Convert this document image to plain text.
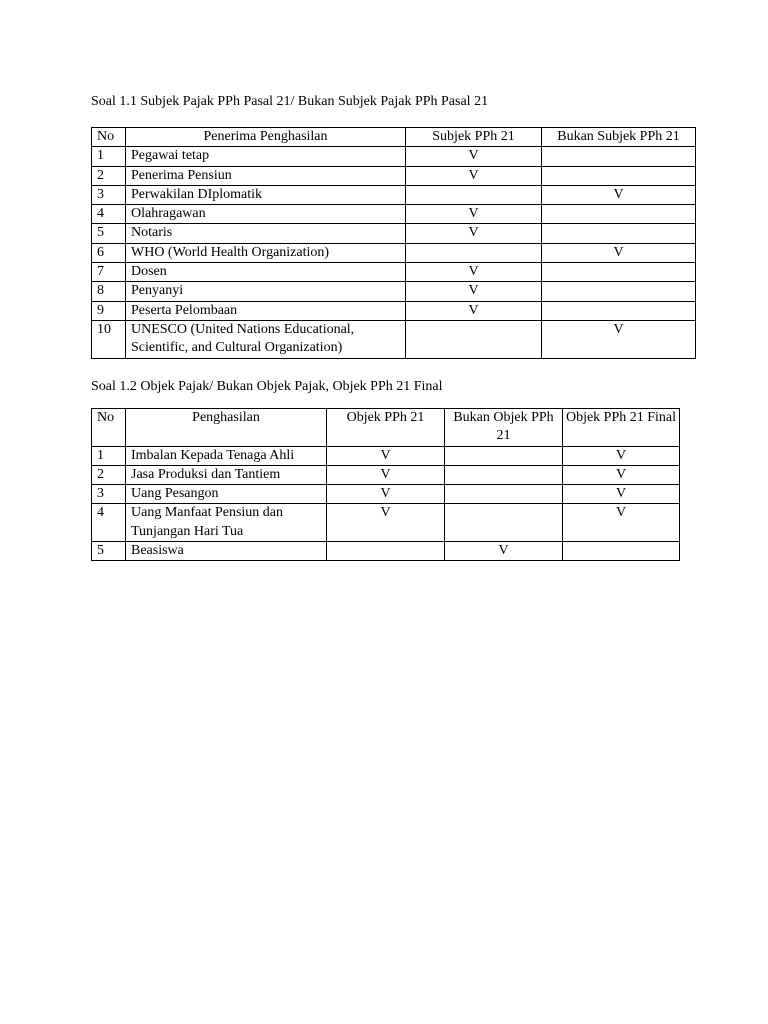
Soal 1.1 Subjek Pajak PPh Pasal 21/ Bukan Subjek Pajak PPh Pasal 21
No	Penerima Penghasilan	Subjek PPh 21	Bukan Subjek PPh 21
1	Pegawai tetap	V	
2	Penerima Pensiun	V	
3	Perwakilan DIplomatik		V
4	Olahragawan	V	
5	Notaris	V	
6	WHO (World Health Organization)		V
7	Dosen	V	
8	Penyanyi	V	
9	Peserta Pelombaan	V	
10	UNESCO (United Nations Educational, Scientific, and Cultural Organization)		V
Soal 1.2 Objek Pajak/ Bukan Objek Pajak, Objek PPh 21 Final
No	Penghasilan	Objek PPh 21	Bukan Objek PPh 21	Objek PPh 21 Final
1	Imbalan Kepada Tenaga Ahli	V		V
2	Jasa Produksi dan Tantiem	V		V
3	Uang Pesangon	V		V
4	Uang Manfaat Pensiun dan Tunjangan Hari Tua	V		V
5	Beasiswa		V	
